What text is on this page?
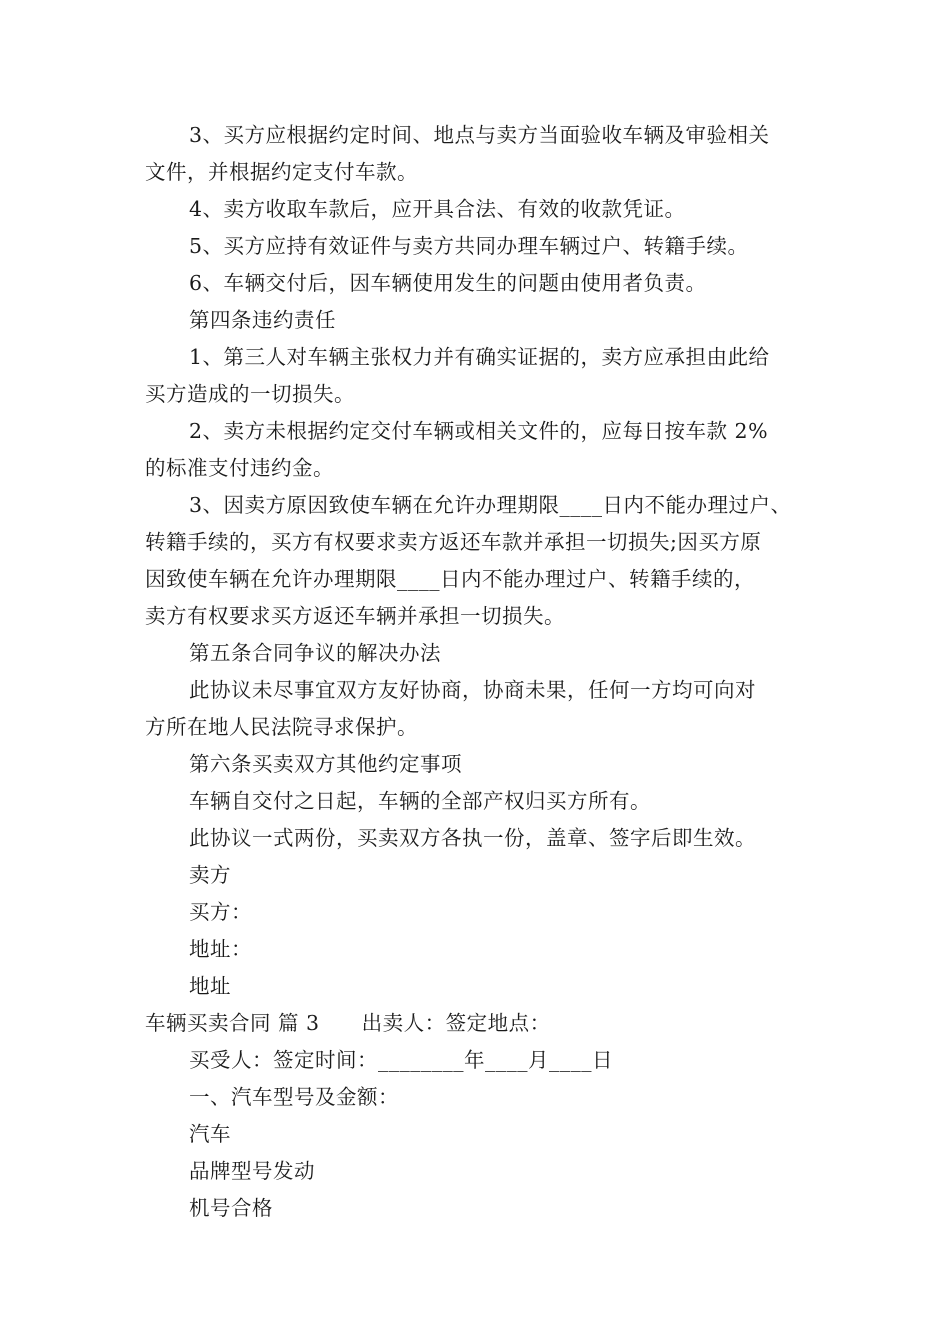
3、买方应根据约定时间、地点与卖方当面验收车辆及审验相关
文件，并根据约定支付车款。
4、卖方收取车款后，应开具合法、有效的收款凭证。
5、买方应持有效证件与卖方共同办理车辆过户、转籍手续。
6、车辆交付后，因车辆使用发生的问题由使用者负责。
第四条违约责任
1、第三人对车辆主张权力并有确实证据的，卖方应承担由此给
买方造成的一切损失。
2、卖方未根据约定交付车辆或相关文件的，应每日按车款 2%
的标准支付违约金。
3、因卖方原因致使车辆在允许办理期限____日内不能办理过户、
转籍手续的，买方有权要求卖方返还车款并承担一切损失;因买方原
因致使车辆在允许办理期限____日内不能办理过户、转籍手续的，
卖方有权要求买方返还车辆并承担一切损失。
第五条合同争议的解决办法
此协议未尽事宜双方友好协商，协商未果，任何一方均可向对
方所在地人民法院寻求保护。
第六条买卖双方其他约定事项
车辆自交付之日起，车辆的全部产权归买方所有。
此协议一式两份，买卖双方各执一份，盖章、签字后即生效。
卖方
买方：
地址：
地址
车辆买卖合同 篇 3 出卖人：签定地点：
买受人：签定时间：________年____月____日
一、汽车型号及金额：
汽车
品牌型号发动
机号合格
